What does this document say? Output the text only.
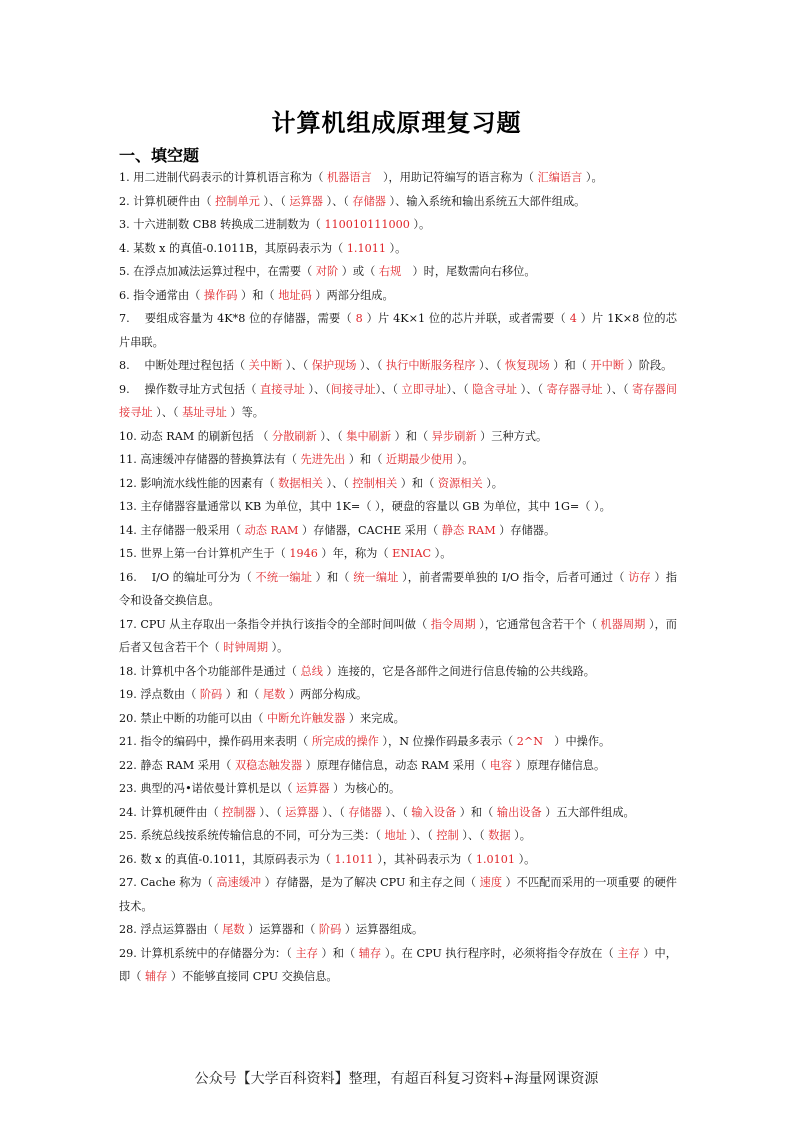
计算机组成原理复习题
一、填空题

1. 用二进制代码表示的计算机语言称为（ 机器语言　），用助记符编写的语言称为（ 汇编语言 ）。

2. 计算机硬件由（ 控制单元 ）、（ 运算器 ）、（ 存储器 ）、输入系统和输出系统五大部件组成。

3. 十六进制数 CB8 转换成二进制数为（ 110010111000 ）。

4. 某数 x 的真值-0.1011B，其原码表示为（ 1.1011 ）。

5. 在浮点加减法运算过程中，在需要（ 对阶 ）或（ 右规　）时，尾数需向右移位。

6. 指令通常由（ 操作码 ）和（ 地址码 ）两部分组成。

7. 　要组成容量为 4K*8 位的存储器，需要（ 8 ）片 4K×1 位的芯片并联，或者需要（ 4 ）片 1K×8 位的芯片串联。

8. 　中断处理过程包括（ 关中断 ）、（ 保护现场 ）、（ 执行中断服务程序 ）、（ 恢复现场 ）和（ 开中断 ）阶段。

9. 　操作数寻址方式包括（ 直接寻址 ）、（间接寻址）、（ 立即寻址）、（ 隐含寻址 ）、（ 寄存器寻址 ）、（ 寄存器间接寻址 ）、（ 基址寻址 ）等。

10. 动态 RAM 的刷新包括 （ 分散刷新 ）、（ 集中刷新 ）和（ 异步刷新 ）三种方式。

11. 高速缓冲存储器的替换算法有（ 先进先出 ）和（ 近期最少使用 ）。

12. 影响流水线性能的因素有（ 数据相关 ）、（ 控制相关 ）和（ 资源相关 ）。

13. 主存储器容量通常以 KB 为单位，其中 1K=（ ），硬盘的容量以 GB 为单位，其中 1G=（ ）。

14. 主存储器一般采用（ 动态 RAM ）存储器，CACHE 采用（ 静态 RAM ）存储器。

15. 世界上第一台计算机产生于（ 1946 ）年，称为（ ENIAC ）。

16. 　I/O 的编址可分为（ 不统一编址 ）和（ 统一编址 ），前者需要单独的 I/O 指令，后者可通过（ 访存 ）指令和设备交换信息。

17. CPU 从主存取出一条指令并执行该指令的全部时间叫做（ 指令周期 ），它通常包含若干个（ 机器周期 ），而后者又包含若干个（ 时钟周期 ）。

18. 计算机中各个功能部件是通过（ 总线 ）连接的，它是各部件之间进行信息传输的公共线路。

19. 浮点数由（ 阶码 ）和（ 尾数 ）两部分构成。

20. 禁止中断的功能可以由（ 中断允许触发器 ）来完成。

21. 指令的编码中，操作码用来表明（ 所完成的操作 ），N 位操作码最多表示（ 2^N　）中操作。

22. 静态 RAM 采用（ 双稳态触发器 ）原理存储信息，动态 RAM 采用（ 电容 ）原理存储信息。

23. 典型的冯•诺依曼计算机是以（ 运算器 ）为核心的。

24. 计算机硬件由（ 控制器 ）、（ 运算器 ）、（ 存储器 ）、（ 输入设备 ）和（ 输出设备 ）五大部件组成。

25. 系统总线按系统传输信息的不同，可分为三类：（ 地址 ）、（ 控制 ）、（ 数据 ）。

26. 数 x 的真值-0.1011，其原码表示为（ 1.1011 ），其补码表示为（ 1.0101 ）。

27. Cache 称为（ 高速缓冲 ）存储器，是为了解决 CPU 和主存之间（ 速度 ）不匹配而采用的一项重要 的硬件技术。

28. 浮点运算器由（ 尾数 ）运算器和（ 阶码 ）运算器组成。

29. 计算机系统中的存储器分为：（ 主存 ）和（ 辅存 ）。在 CPU 执行程序时，必须将指令存放在（ 主存 ）中，即（ 辅存 ）不能够直接同 CPU 交换信息。

公众号【大学百科资料】整理，有超百科复习资料+海量网课资源
